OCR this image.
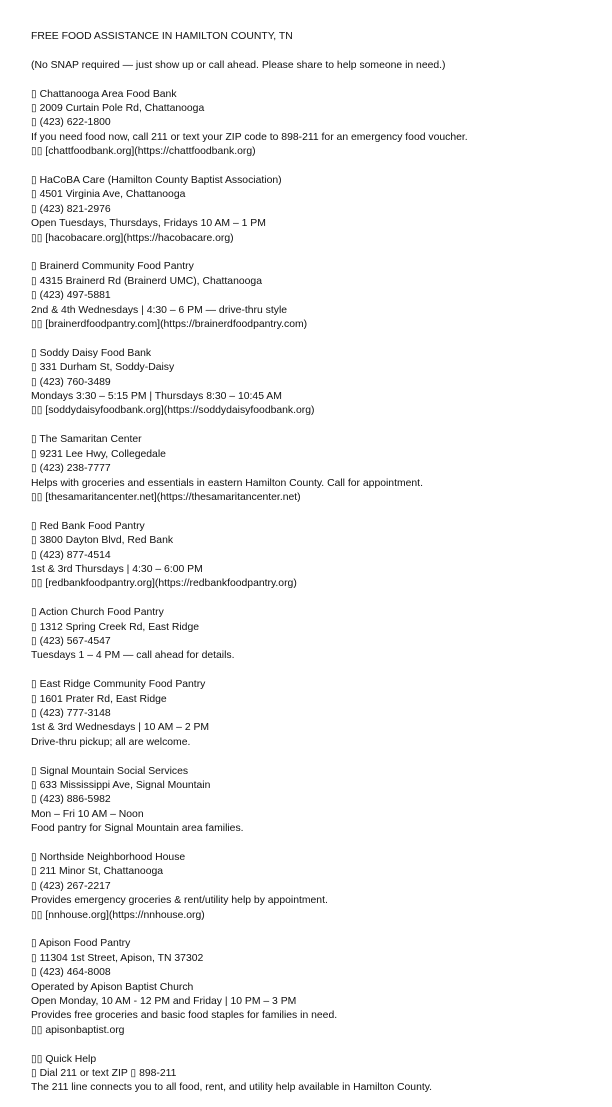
FREE FOOD ASSISTANCE IN HAMILTON COUNTY, TN
(No SNAP required — just show up or call ahead. Please share to help someone in need.)
▯ Chattanooga Area Food Bank
▯ 2009 Curtain Pole Rd, Chattanooga
▯ (423) 622-1800
If you need food now, call 211 or text your ZIP code to 898-211 for an emergency food voucher.
▯▯ [chattfoodbank.org](https://chattfoodbank.org)
▯ HaCoBA Care (Hamilton County Baptist Association)
▯ 4501 Virginia Ave, Chattanooga
▯ (423) 821-2976
Open Tuesdays, Thursdays, Fridays 10 AM – 1 PM
▯▯ [hacobacare.org](https://hacobacare.org)
▯ Brainerd Community Food Pantry
▯ 4315 Brainerd Rd (Brainerd UMC), Chattanooga
▯ (423) 497-5881
2nd & 4th Wednesdays | 4:30 – 6 PM — drive-thru style
▯▯ [brainerdfoodpantry.com](https://brainerdfoodpantry.com)
▯ Soddy Daisy Food Bank
▯ 331 Durham St, Soddy-Daisy
▯ (423) 760-3489
Mondays 3:30 – 5:15 PM | Thursdays 8:30 – 10:45 AM
▯▯ [soddydaisyfoodbank.org](https://soddydaisyfoodbank.org)
▯ The Samaritan Center
▯ 9231 Lee Hwy, Collegedale
▯ (423) 238-7777
Helps with groceries and essentials in eastern Hamilton County. Call for appointment.
▯▯ [thesamaritancenter.net](https://thesamaritancenter.net)
▯ Red Bank Food Pantry
▯ 3800 Dayton Blvd, Red Bank
▯ (423) 877-4514
1st & 3rd Thursdays | 4:30 – 6:00 PM
▯▯ [redbankfoodpantry.org](https://redbankfoodpantry.org)
▯ Action Church Food Pantry
▯ 1312 Spring Creek Rd, East Ridge
▯ (423) 567-4547
Tuesdays 1 – 4 PM — call ahead for details.
▯ East Ridge Community Food Pantry
▯ 1601 Prater Rd, East Ridge
▯ (423) 777-3148
1st & 3rd Wednesdays | 10 AM – 2 PM
Drive-thru pickup; all are welcome.
▯ Signal Mountain Social Services
▯ 633 Mississippi Ave, Signal Mountain
▯ (423) 886-5982
Mon – Fri 10 AM – Noon
Food pantry for Signal Mountain area families.
▯ Northside Neighborhood House
▯ 211 Minor St, Chattanooga
▯ (423) 267-2217
Provides emergency groceries & rent/utility help by appointment.
▯▯ [nnhouse.org](https://nnhouse.org)
▯ Apison Food Pantry
▯ 11304 1st Street, Apison, TN 37302
▯ (423) 464-8008
Operated by Apison Baptist Church
Open Monday, 10 AM - 12 PM and Friday | 10 PM – 3 PM
Provides free groceries and basic food staples for families in need.
▯▯ apisonbaptist.org
▯▯ Quick Help
▯ Dial 211 or text ZIP ▯ 898-211
The 211 line connects you to all food, rent, and utility help available in Hamilton County.
